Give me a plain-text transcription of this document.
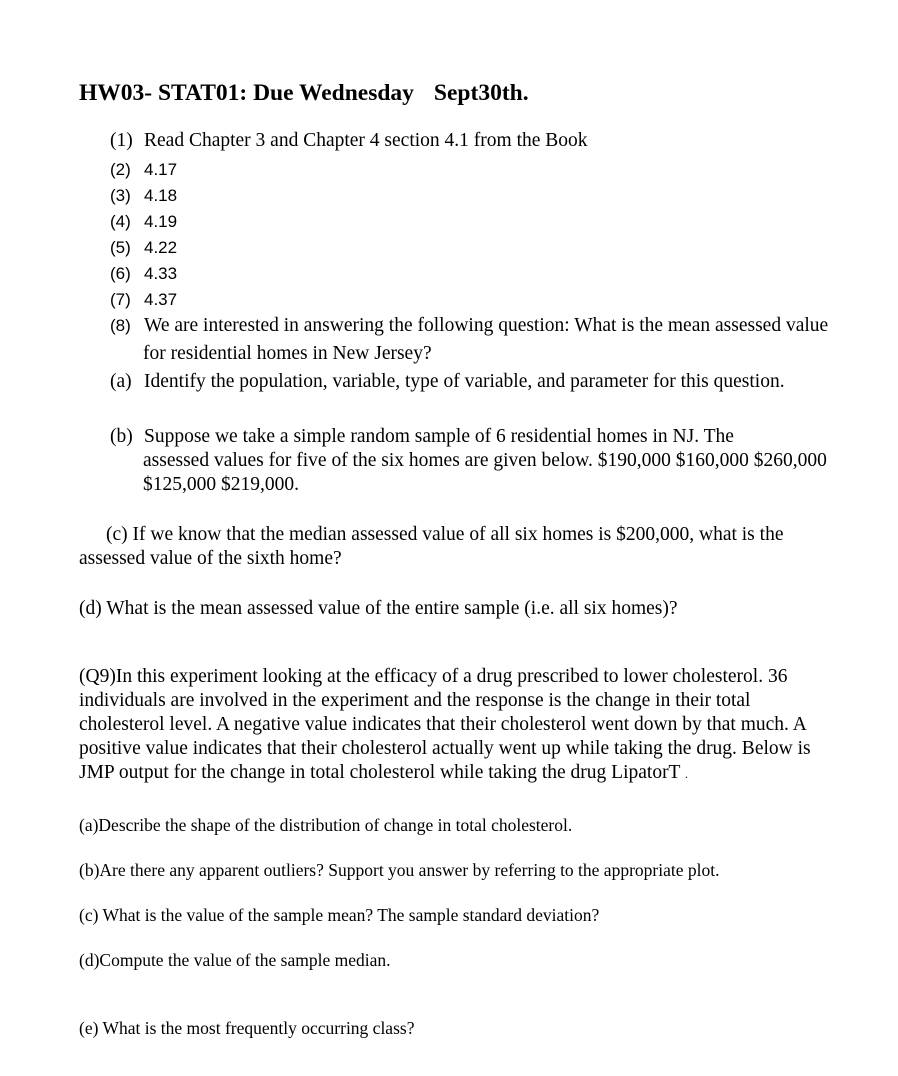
HW03- STAT01: Due Wednesday Sept30th.
(1) Read Chapter 3 and Chapter 4 section 4.1 from the Book
(2) 4.17
(3) 4.18
(4) 4.19
(5) 4.22
(6) 4.33
(7) 4.37
(8) We are interested in answering the following question: What is the mean assessed value
for residential homes in New Jersey?
(a) Identify the population, variable, type of variable, and parameter for this question.
(b) Suppose we take a simple random sample of 6 residential homes in NJ. The
assessed values for five of the six homes are given below. $190,000 $160,000 $260,000
$125,000 $219,000.
(c) If we know that the median assessed value of all six homes is $200,000, what is the
assessed value of the sixth home?
(d) What is the mean assessed value of the entire sample (i.e. all six homes)?
(Q9)In this experiment looking at the efficacy of a drug prescribed to lower cholesterol. 36
individuals are involved in the experiment and the response is the change in their total
cholesterol level. A negative value indicates that their cholesterol went down by that much. A
positive value indicates that their cholesterol actually went up while taking the drug. Below is
JMP output for the change in total cholesterol while taking the drug LipatorT .
(a)Describe the shape of the distribution of change in total cholesterol.
(b)Are there any apparent outliers? Support you answer by referring to the appropriate plot.
(c) What is the value of the sample mean? The sample standard deviation?
(d)Compute the value of the sample median.
(e) What is the most frequently occurring class?
